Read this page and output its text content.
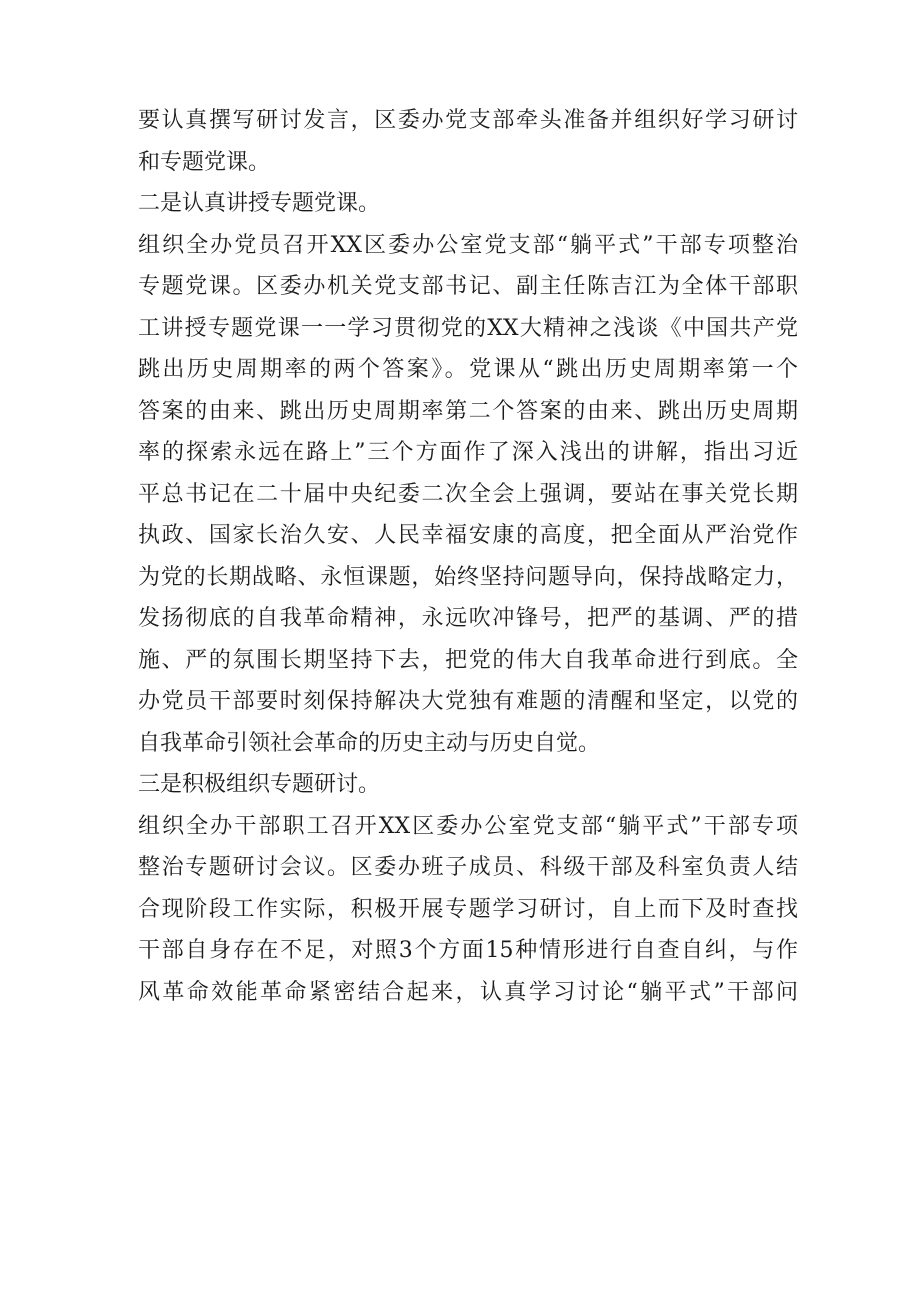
要认真撰写研讨发言，区委办党支部牵头准备并组织好学习研讨
和专题党课。
二是认真讲授专题党课。
组织全办党员召开XX区委办公室党支部“躺平式”干部专项整治
专题党课。区委办机关党支部书记、副主任陈吉江为全体干部职
工讲授专题党课一一学习贯彻党的XX大精神之浅谈《中国共产党
跳出历史周期率的两个答案》。党课从“跳出历史周期率第一个
答案的由来、跳出历史周期率第二个答案的由来、跳出历史周期
率的探索永远在路上”三个方面作了深入浅出的讲解，指出习近
平总书记在二十届中央纪委二次全会上强调，要站在事关党长期
执政、国家长治久安、人民幸福安康的高度，把全面从严治党作
为党的长期战略、永恒课题，始终坚持问题导向，保持战略定力，
发扬彻底的自我革命精神，永远吹冲锋号，把严的基调、严的措
施、严的氛围长期坚持下去，把党的伟大自我革命进行到底。全
办党员干部要时刻保持解决大党独有难题的清醒和坚定，以党的
自我革命引领社会革命的历史主动与历史自觉。
三是积极组织专题研讨。
组织全办干部职工召开XX区委办公室党支部“躺平式”干部专项
整治专题研讨会议。区委办班子成员、科级干部及科室负责人结
合现阶段工作实际，积极开展专题学习研讨，自上而下及时查找
干部自身存在不足，对照3个方面15种情形进行自查自纠，与作
风革命效能革命紧密结合起来，认真学习讨论“躺平式”干部问
